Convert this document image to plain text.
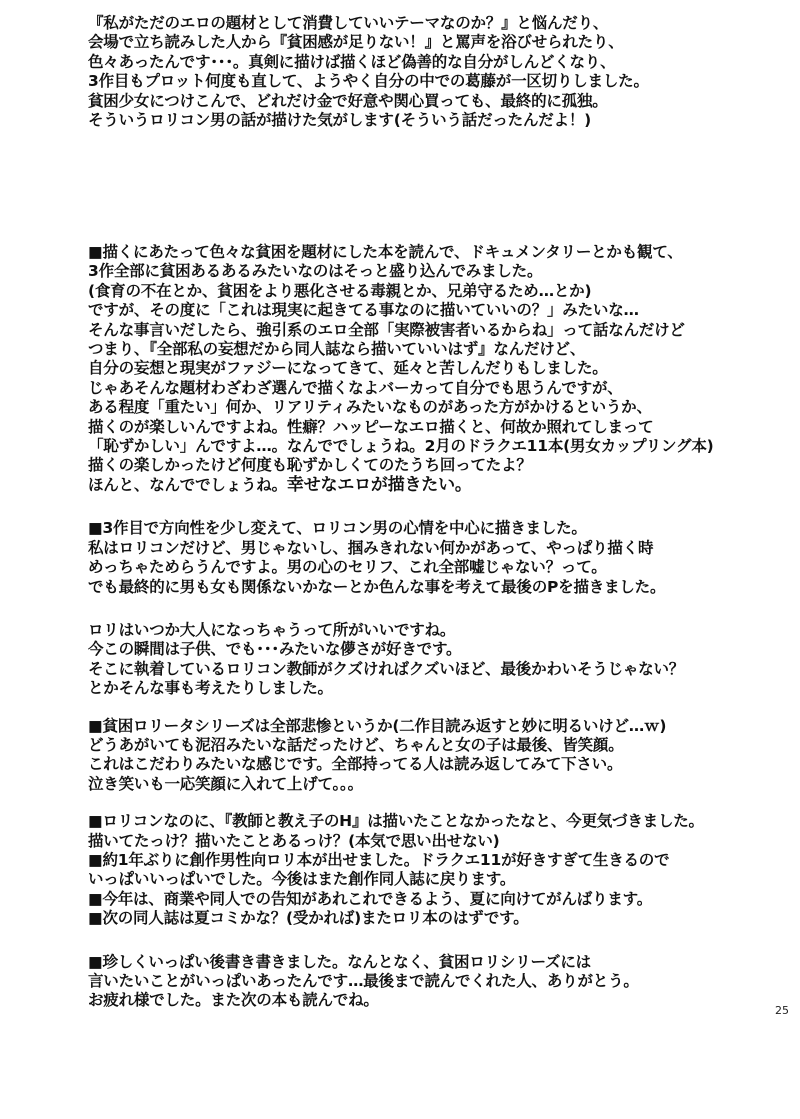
『私がただのエロの題材として消費していいテーマなのか？』と悩んだり、

会場で立ち読みした人から『貧困感が足りない！』と罵声を浴びせられたり、

色々あったんです･･･。真剣に描けば描くほど偽善的な自分がしんどくなり、

3作目もプロット何度も直して、ようやく自分の中での葛藤が一区切りしました。

貧困少女につけこんで、どれだけ金で好意や関心買っても、最終的に孤独。

そういうロリコン男の話が描けた気がします(そういう話だったんだよ！)

■描くにあたって色々な貧困を題材にした本を読んで、ドキュメンタリーとかも観て、

3作全部に貧困あるあるみたいなのはそっと盛り込んでみました。

(食育の不在とか、貧困をより悪化させる毒親とか、兄弟守るため…とか)

ですが、その度に「これは現実に起きてる事なのに描いていいの？」みたいな…

そんな事言いだしたら、強引系のエロ全部「実際被害者いるからね」って話なんだけど

つまり、『全部私の妄想だから同人誌なら描いていいはず』なんだけど、

自分の妄想と現実がファジーになってきて、延々と苦しんだりもしました。

じゃあそんな題材わざわざ選んで描くなよバーカって自分でも思うんですが、

ある程度「重たい」何か、リアリティみたいなものがあった方がかけるというか、

描くのが楽しいんですよね。性癖？ハッピーなエロ描くと、何故か照れてしまって

「恥ずかしい」んですよ…。なんででしょうね。2月のドラクエ11本(男女カップリング本)

描くの楽しかったけど何度も恥ずかしくてのたうち回ってたよ？

ほんと、なんででしょうね。幸せなエロが描きたい。

■3作目で方向性を少し変えて、ロリコン男の心情を中心に描きました。

私はロリコンだけど、男じゃないし、掴みきれない何かがあって、やっぱり描く時

めっちゃためらうんですよ。男の心のセリフ、これ全部嘘じゃない？って。

でも最終的に男も女も関係ないかなーとか色んな事を考えて最後のPを描きました。

ロリはいつか大人になっちゃうって所がいいですね。

今この瞬間は子供、でも･･･みたいな儚さが好きです。

そこに執着しているロリコン教師がクズければクズいほど、最後かわいそうじゃない？

とかそんな事も考えたりしました。

■貧困ロリータシリーズは全部悲惨というか(二作目読み返すと妙に明るいけど…ｗ)

どうあがいても泥沼みたいな話だったけど、ちゃんと女の子は最後、皆笑顔。

これはこだわりみたいな感じです。全部持ってる人は読み返してみて下さい。

泣き笑いも一応笑顔に入れて上げて。。。

■ロリコンなのに、『教師と教え子のH』は描いたことなかったなと、今更気づきました。

描いてたっけ？描いたことあるっけ？(本気で思い出せない)

■約1年ぶりに創作男性向ロリ本が出せました。ドラクエ11が好きすぎて生きるので

いっぱいいっぱいでした。今後はまた創作同人誌に戻ります。

■今年は、商業や同人での告知があれこれできるよう、夏に向けてがんばります。

■次の同人誌は夏コミかな？(受かれば)またロリ本のはずです。

■珍しくいっぱい後書き書きました。なんとなく、貧困ロリシリーズには

言いたいことがいっぱいあったんです…最後まで読んでくれた人、ありがとう。

お疲れ様でした。また次の本も読んでね。

25
